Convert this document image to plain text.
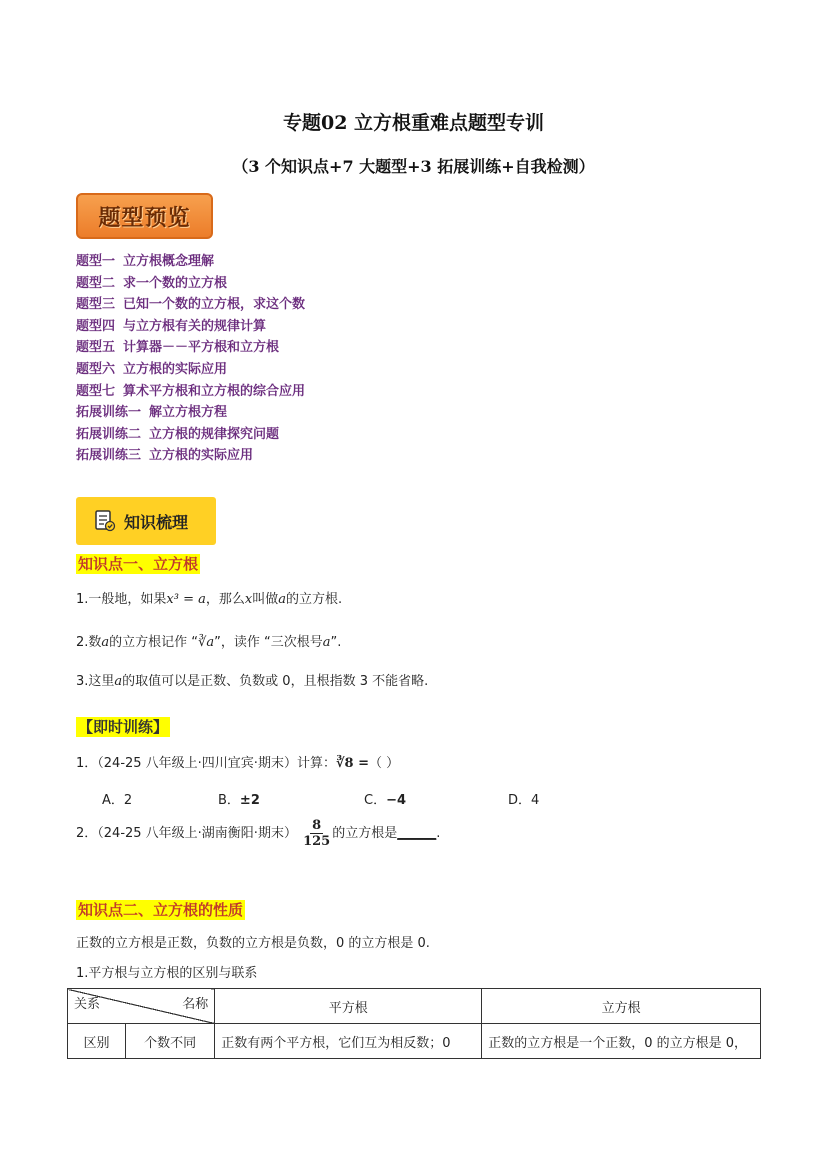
专题02 立方根重难点题型专训
（3 个知识点+7 大题型+3 拓展训练+自我检测）
题型预览
题型一 立方根概念理解
题型二 求一个数的立方根
题型三 已知一个数的立方根，求这个数
题型四 与立方根有关的规律计算
题型五 计算器－－平方根和立方根
题型六 立方根的实际应用
题型七 算术平方根和立方根的综合应用
拓展训练一 解立方根方程
拓展训练二 立方根的规律探究问题
拓展训练三 立方根的实际应用
知识梳理
知识点一、立方根
1.一般地，如果x³ = a，那么x叫做a的立方根.
2.数a的立方根记作 “∛a”，读作 “三次根号a”.
3.这里a的取值可以是正数、负数或 0，且根指数 3 不能省略.
【即时训练】
1．（24-25 八年级上·四川宜宾·期末）计算：∛8 =（ ）
A．2	B．±2	C．−4	D．4
2．（24-25 八年级上·湖南衡阳·期末） $\frac{8}{125}$ 的立方根是______.
知识点二、立方根的性质
正数的立方根是正数，负数的立方根是负数，0 的立方根是 0.
1.平方根与立方根的区别与联系
关系 名称		平方根	立方根
区别	个数不同	正数有两个平方根，它们互为相反数；0	正数的立方根是一个正数，0 的立方根是 0，
